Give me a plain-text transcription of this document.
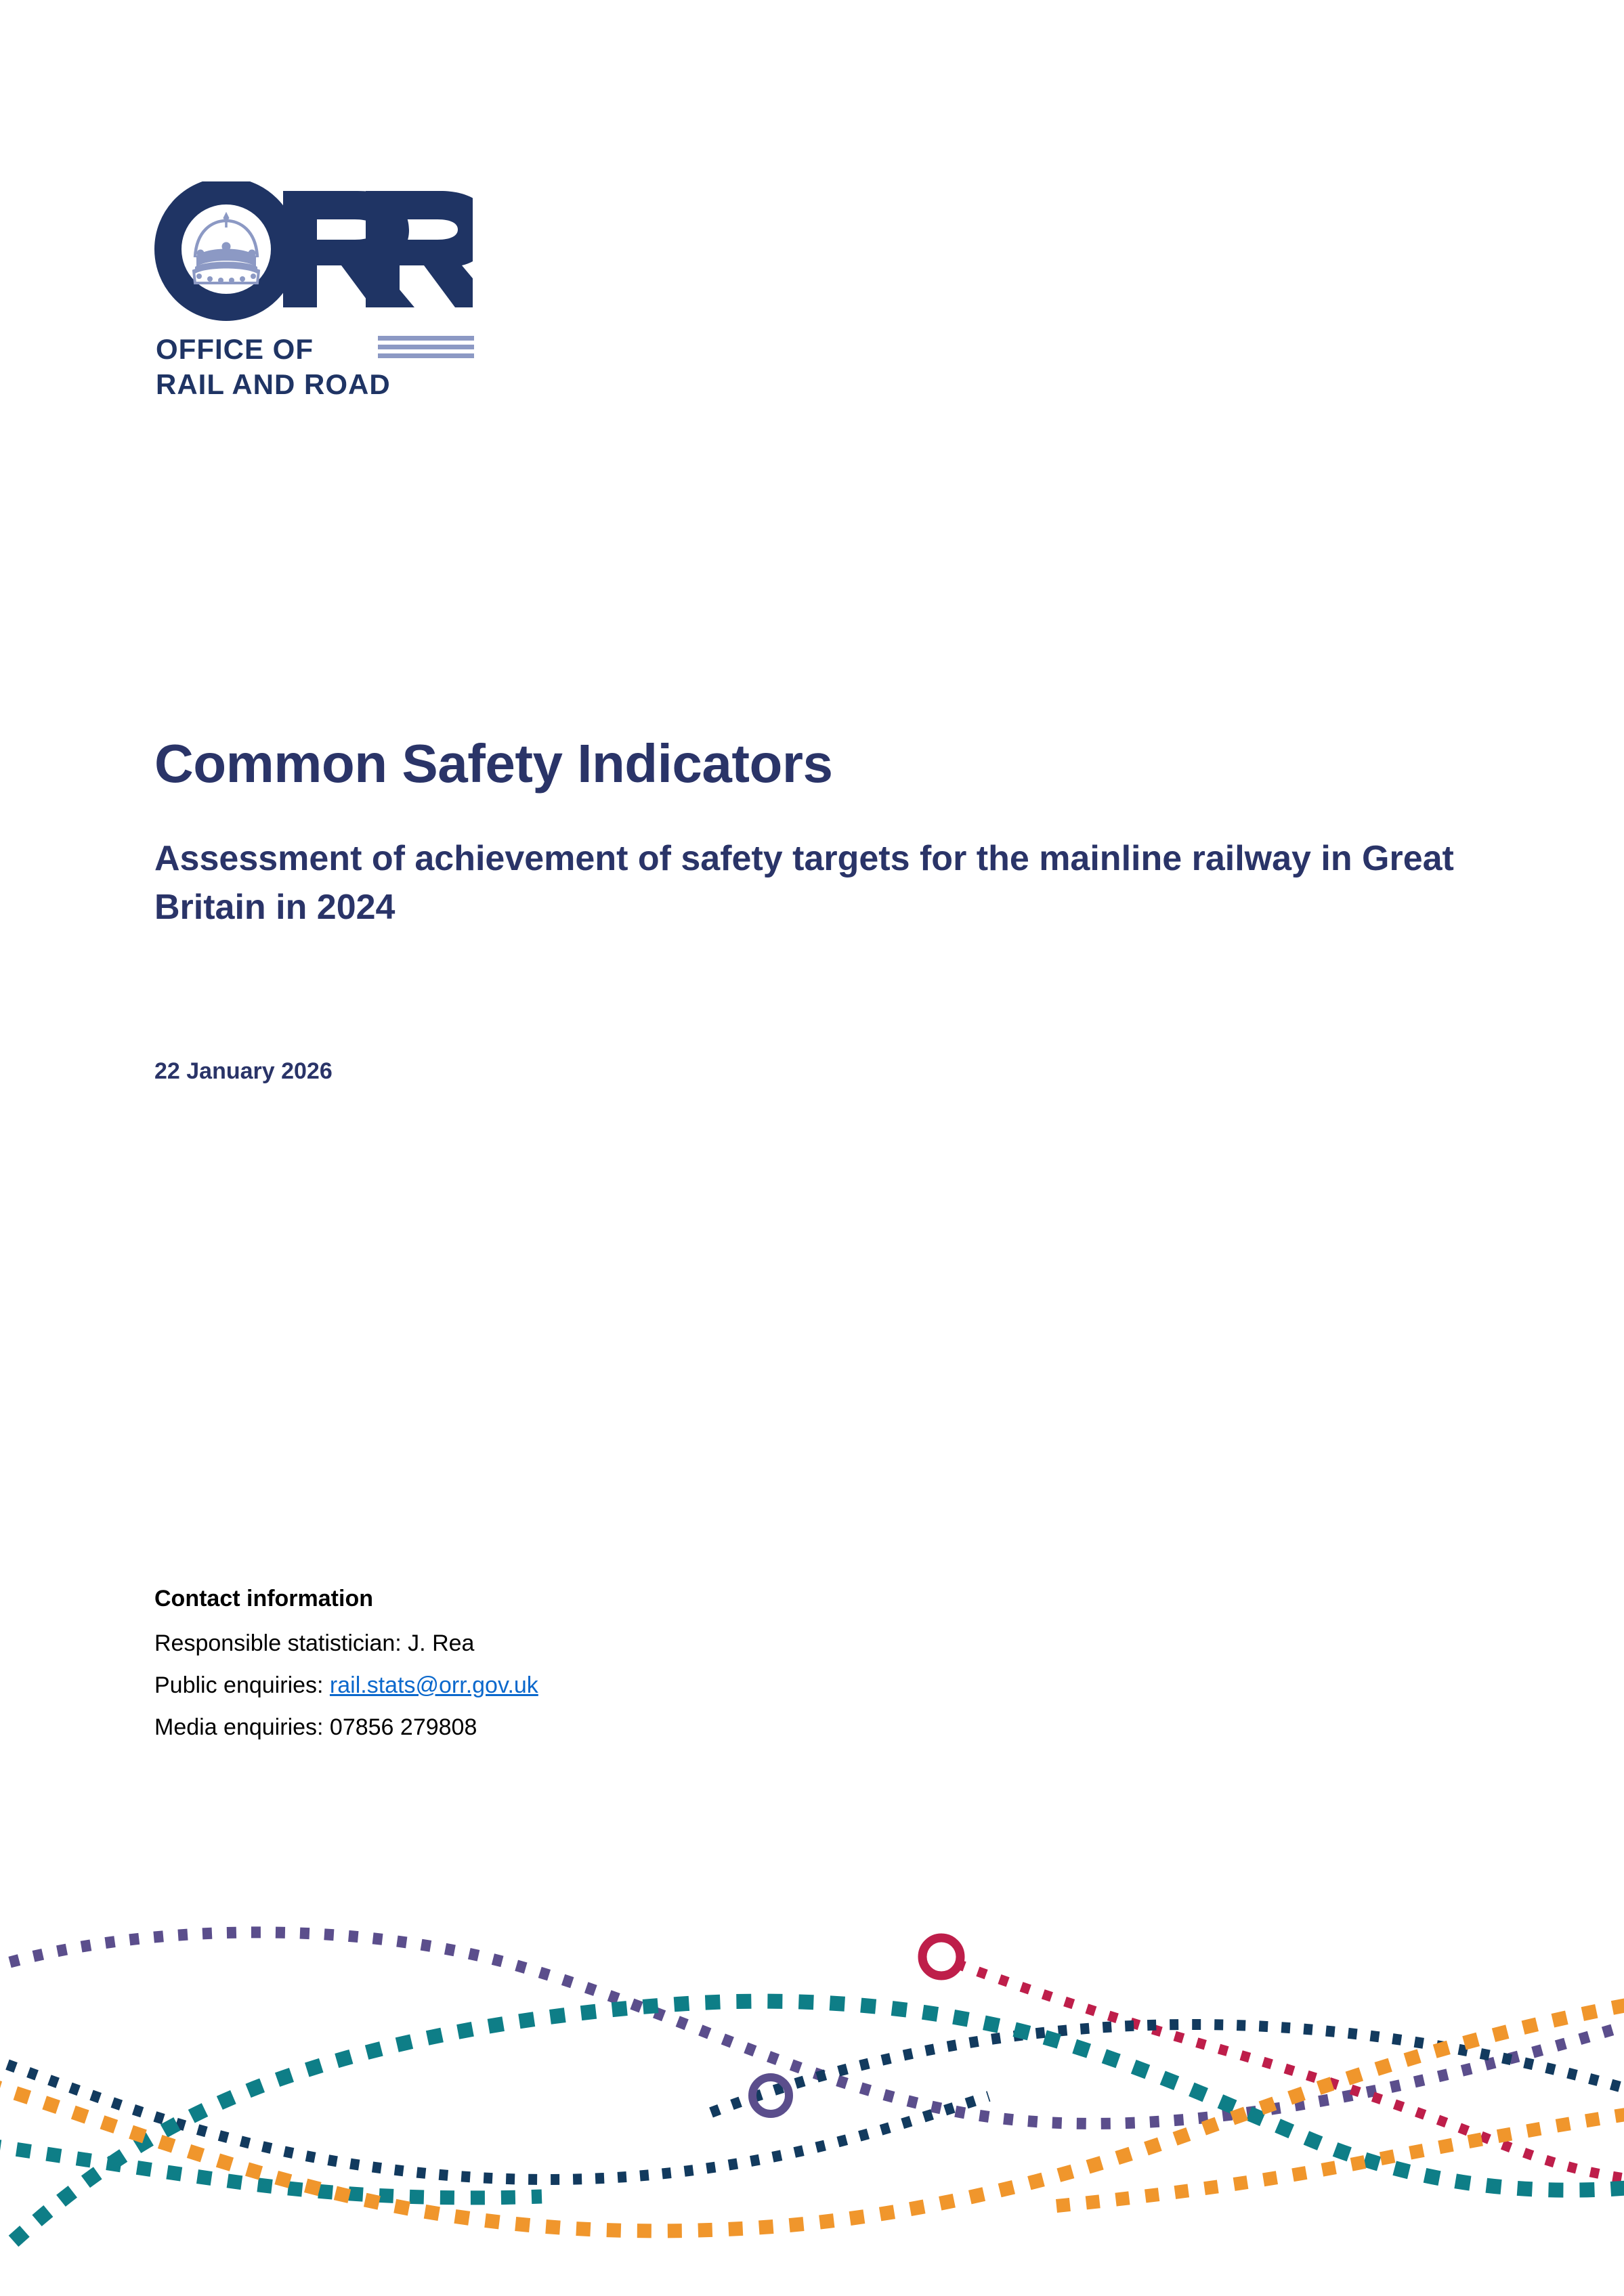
OFFICE OF
RAIL AND ROAD
Common Safety Indicators
Assessment of achievement of safety targets for the mainline railway in Great Britain in 2024
22 January 2026

Contact information

Responsible statistician: J. Rea

Public enquiries: rail.stats@orr.gov.uk

Media enquiries: 07856 279808
